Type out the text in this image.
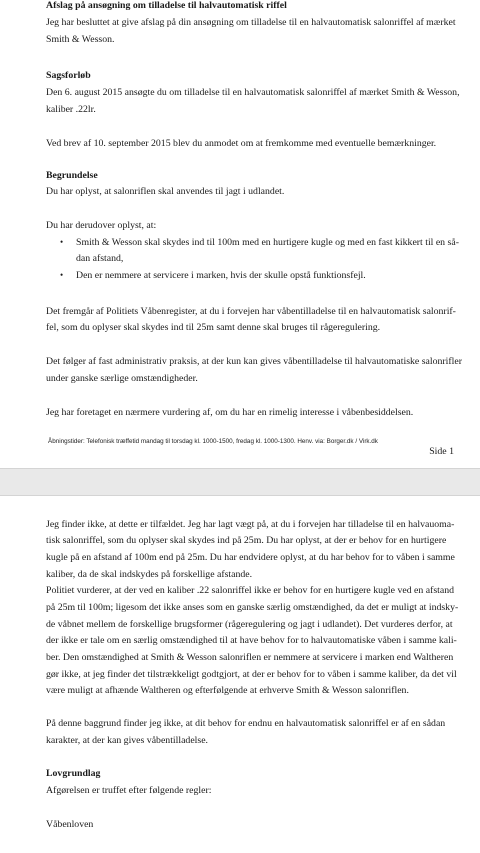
Afslag på ansøgning om tilladelse til halvautomatisk riffel
Jeg har besluttet at give afslag på din ansøgning om tilladelse til en halvautomatisk salonriffel af mærket
Smith & Wesson.
Sagsforløb
Den 6. august 2015 ansøgte du om tilladelse til en halvautomatisk salonriffel af mærket Smith & Wesson,
kaliber .22lr.
Ved brev af 10. september 2015 blev du anmodet om at fremkomme med eventuelle bemærkninger.
Begrundelse
Du har oplyst, at salonriflen skal anvendes til jagt i udlandet.
Du har derudover oplyst, at:
• Smith & Wesson skal skydes ind til 100m med en hurtigere kugle og med en fast kikkert til en så-
dan afstand,
• Den er nemmere at servicere i marken, hvis der skulle opstå funktionsfejl.
Det fremgår af Politiets Våbenregister, at du i forvejen har våbentilladelse til en halvautomatisk salonrif-
fel, som du oplyser skal skydes ind til 25m samt denne skal bruges til rågeregulering.
Det følger af fast administrativ praksis, at der kun kan gives våbentilladelse til halvautomatiske salonrifler
under ganske særlige omstændigheder.
Jeg har foretaget en nærmere vurdering af, om du har en rimelig interesse i våbenbesiddelsen.
Åbningstider: Telefonisk træffetid mandag til torsdag kl. 1000-1500, fredag kl. 1000-1300. Henv. via: Borger.dk / Virk.dk
Side 1
Jeg finder ikke, at dette er tilfældet. Jeg har lagt vægt på, at du i forvejen har tilladelse til en halvauoma-
tisk salonriffel, som du oplyser skal skydes ind på 25m. Du har oplyst, at der er behov for en hurtigere
kugle på en afstand af 100m end på 25m. Du har endvidere oplyst, at du har behov for to våben i samme
kaliber, da de skal indskydes på forskellige afstande.
Politiet vurderer, at der ved en kaliber .22 salonriffel ikke er behov for en hurtigere kugle ved en afstand
på 25m til 100m; ligesom det ikke anses som en ganske særlig omstændighed, da det er muligt at indsky-
de våbnet mellem de forskellige brugsformer (rågeregulering og jagt i udlandet). Det vurderes derfor, at
der ikke er tale om en særlig omstændighed til at have behov for to halvautomatiske våben i samme kali-
ber. Den omstændighed at Smith & Wesson salonriflen er nemmere at servicere i marken end Waltheren
gør ikke, at jeg finder det tilstrækkeligt godtgjort, at der er behov for to våben i samme kaliber, da det vil
være muligt at afhænde Waltheren og efterfølgende at erhverve Smith & Wesson salonriflen.
På denne baggrund finder jeg ikke, at dit behov for endnu en halvautomatisk salonriffel er af en sådan
karakter, at der kan gives våbentilladelse.
Lovgrundlag
Afgørelsen er truffet efter følgende regler:
Våbenloven
